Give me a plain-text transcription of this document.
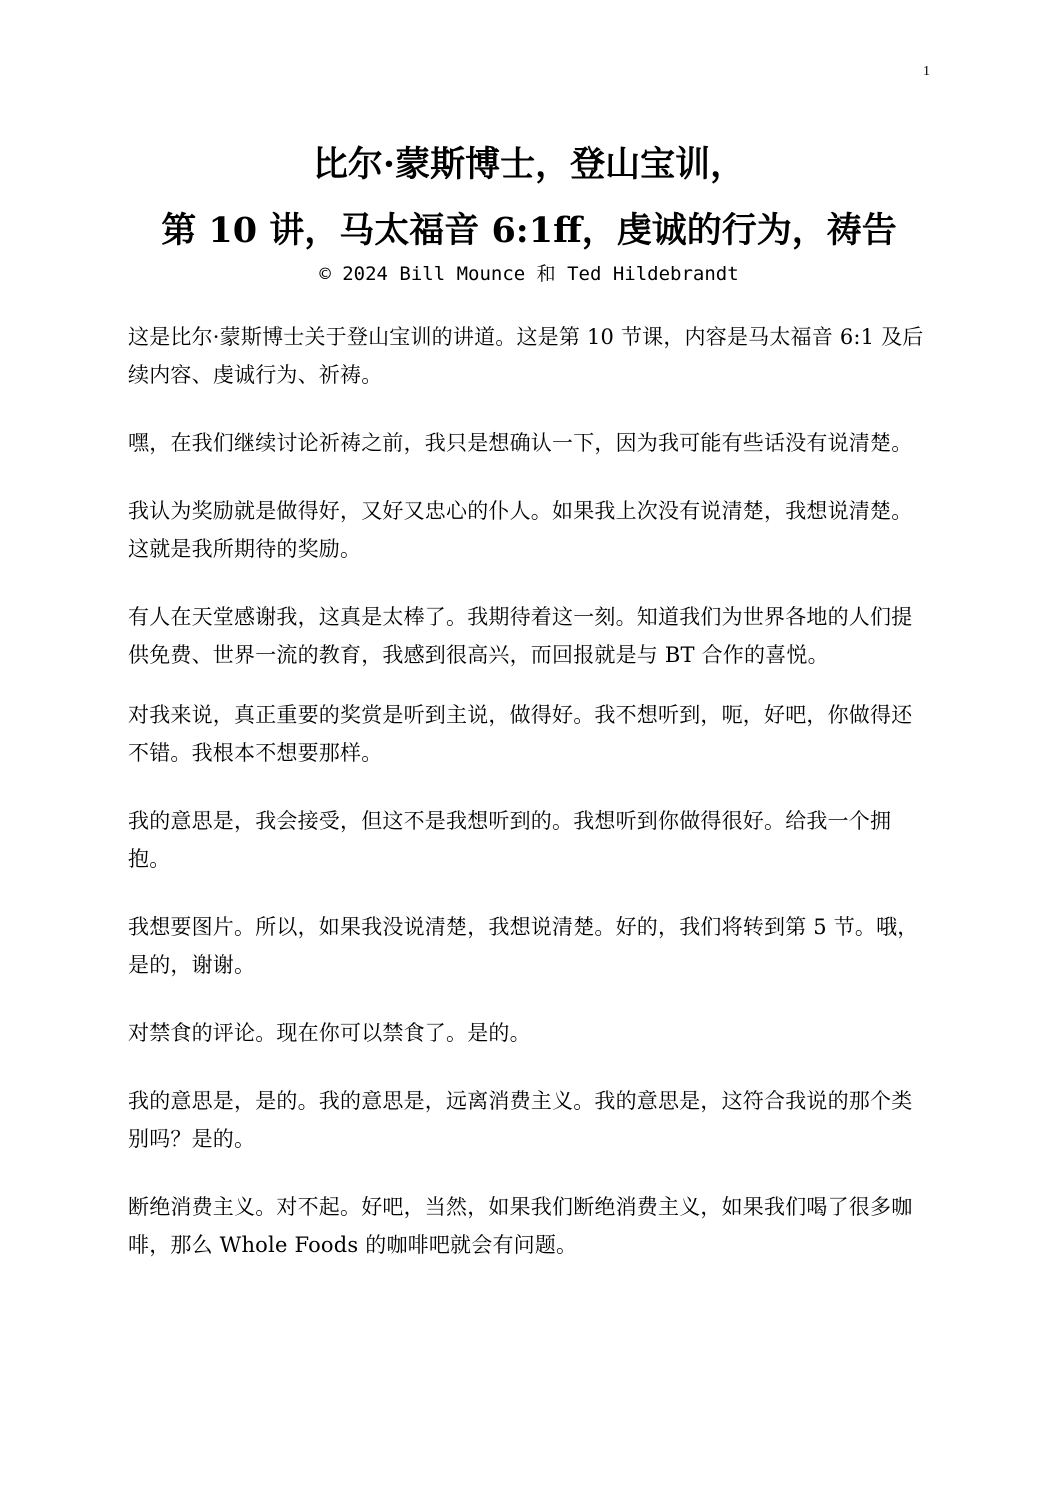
1
比尔·蒙斯博士，登山宝训，
第 10 讲，马太福音 6:1ff，虔诚的行为，祷告
© 2024 Bill Mounce 和 Ted Hildebrandt

这是比尔·蒙斯博士关于登山宝训的讲道。这是第 10 节课，内容是马太福音 6:1 及后续内容、虔诚行为、祈祷。

嘿，在我们继续讨论祈祷之前，我只是想确认一下，因为我可能有些话没有说清楚。

我认为奖励就是做得好，又好又忠心的仆人。如果我上次没有说清楚，我想说清楚。这就是我所期待的奖励。

有人在天堂感谢我，这真是太棒了。我期待着这一刻。知道我们为世界各地的人们提供免费、世界一流的教育，我感到很高兴，而回报就是与 BT 合作的喜悦。

对我来说，真正重要的奖赏是听到主说，做得好。我不想听到，呃，好吧，你做得还不错。我根本不想要那样。

我的意思是，我会接受，但这不是我想听到的。我想听到你做得很好。给我一个拥抱。

我想要图片。所以，如果我没说清楚，我想说清楚。好的，我们将转到第 5 节。哦，是的，谢谢。

对禁食的评论。现在你可以禁食了。是的。

我的意思是，是的。我的意思是，远离消费主义。我的意思是，这符合我说的那个类别吗？是的。

断绝消费主义。对不起。好吧，当然，如果我们断绝消费主义，如果我们喝了很多咖啡，那么 Whole Foods 的咖啡吧就会有问题。
